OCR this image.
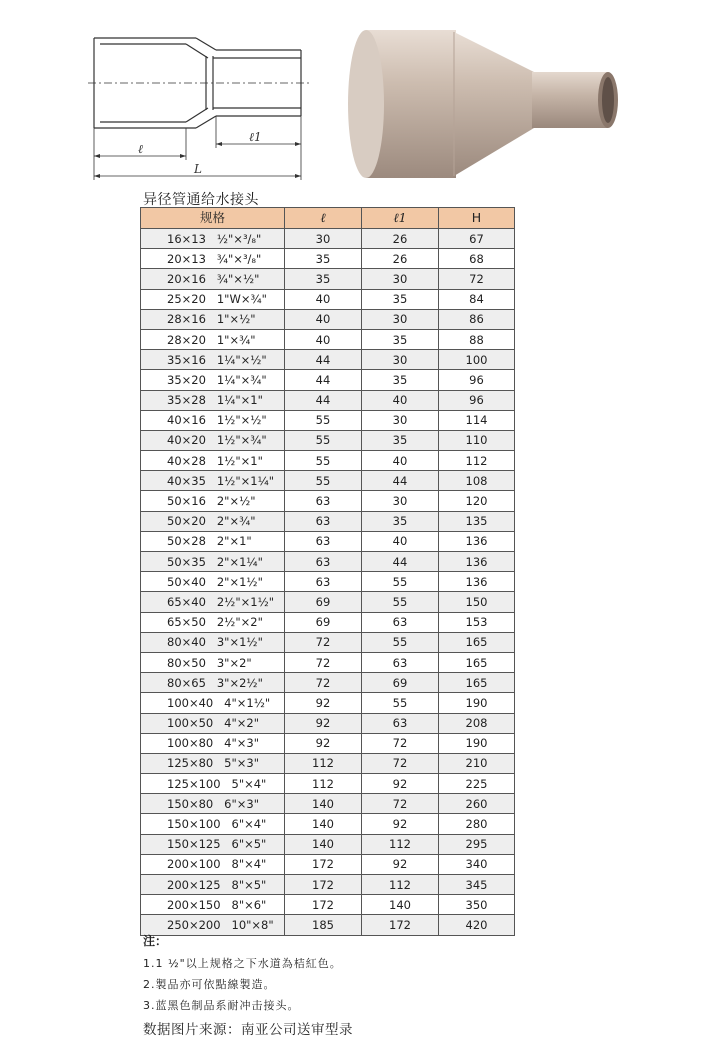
ℓ
ℓ1
L
异径管通给水接头
规格	ℓ	ℓ1	H
16×13   ½"×³/₈"	30	26	67
20×13   ¾"×³/₈"	35	26	68
20×16   ¾"×½"	35	30	72
25×20   1"W×¾"	40	35	84
28×16   1"×½"	40	30	86
28×20   1"×¾"	40	35	88
35×16   1¼"×½"	44	30	100
35×20   1¼"×¾"	44	35	96
35×28   1¼"×1"	44	40	96
40×16   1½"×½"	55	30	114
40×20   1½"×¾"	55	35	110
40×28   1½"×1"	55	40	112
40×35   1½"×1¼"	55	44	108
50×16   2"×½"	63	30	120
50×20   2"×¾"	63	35	135
50×28   2"×1"	63	40	136
50×35   2"×1¼"	63	44	136
50×40   2"×1½"	63	55	136
65×40   2½"×1½"	69	55	150
65×50   2½"×2"	69	63	153
80×40   3"×1½"	72	55	165
80×50   3"×2"	72	63	165
80×65   3"×2½"	72	69	165
100×40   4"×1½"	92	55	190
100×50   4"×2"	92	63	208
100×80   4"×3"	92	72	190
125×80   5"×3"	112	72	210
125×100   5"×4"	112	92	225
150×80   6"×3"	140	72	260
150×100   6"×4"	140	92	280
150×125   6"×5"	140	112	295
200×100   8"×4"	172	92	340
200×125   8"×5"	172	112	345
200×150   8"×6"	172	140	350
250×200   10"×8"	185	172	420
注：
1.1 ½"以上规格之下水道為桔紅色。
2.製品亦可依點線製造。
3.蓝黑色制品系耐冲击接头。
数据图片来源：南亚公司送审型录
